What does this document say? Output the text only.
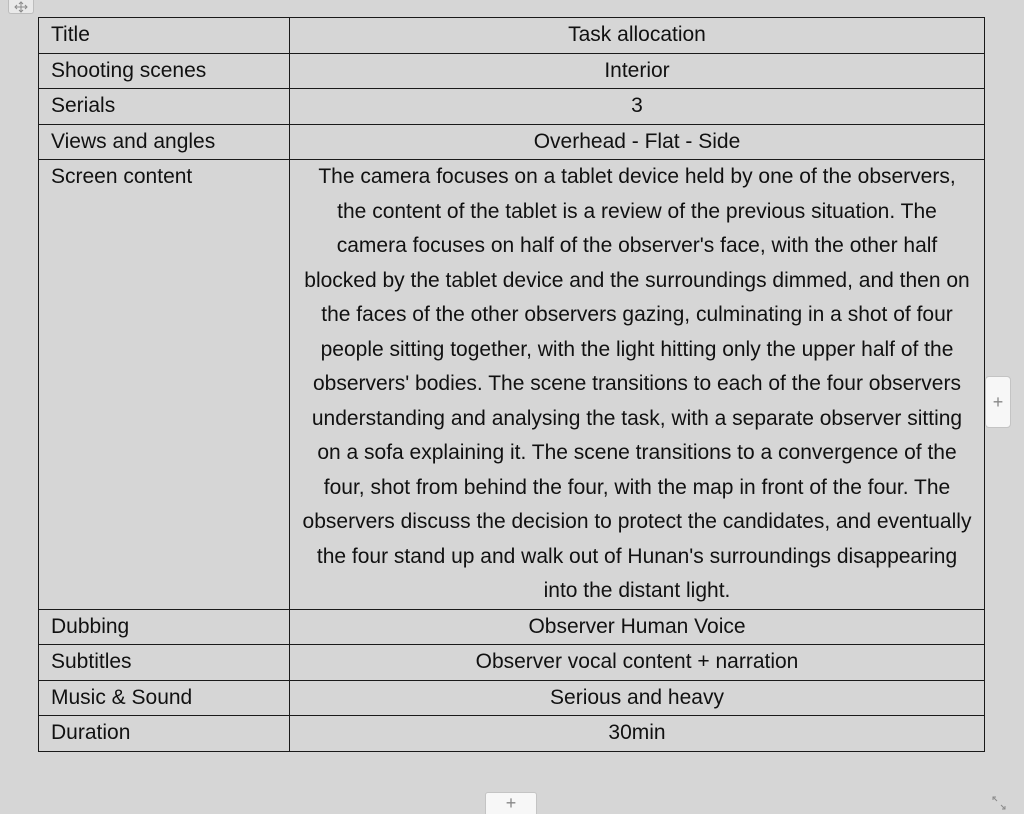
Title	Task allocation
Shooting scenes	Interior
Serials	3
Views and angles	Overhead - Flat - Side
Screen content	The camera focuses on a tablet device held by one of the observers, the content of the tablet is a review of the previous situation. The camera focuses on half of the observer's face, with the other half blocked by the tablet device and the surroundings dimmed, and then on the faces of the other observers gazing, culminating in a shot of four people sitting together, with the light hitting only the upper half of the observers' bodies. The scene transitions to each of the four observers understanding and analysing the task, with a separate observer sitting on a sofa explaining it. The scene transitions to a convergence of the four, shot from behind the four, with the map in front of the four. The observers discuss the decision to protect the candidates, and eventually the four stand up and walk out of Hunan's surroundings disappearing into the distant light.
Dubbing	Observer Human Voice
Subtitles	Observer vocal content + narration
Music & Sound	Serious and heavy
Duration	30min
+
+
